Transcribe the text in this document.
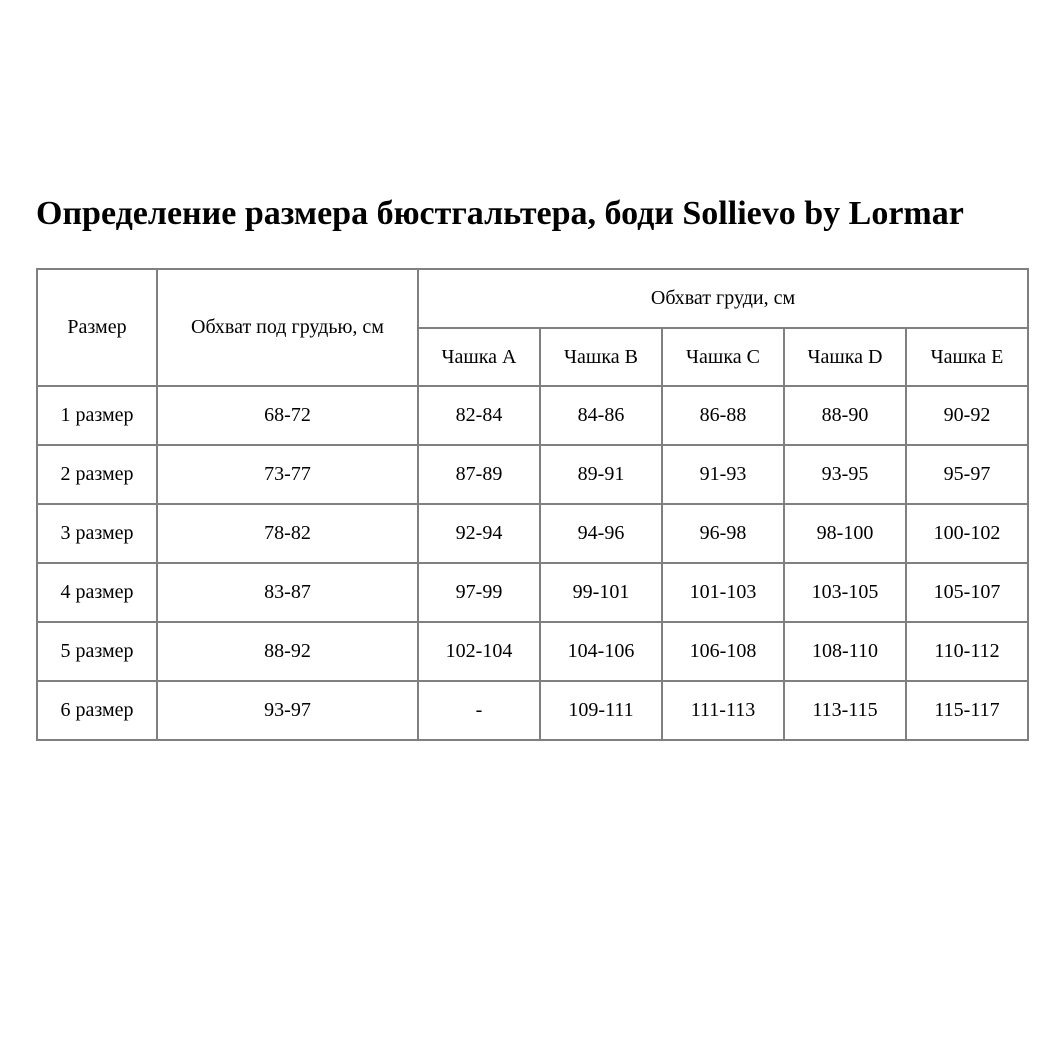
Определение размера бюстгальтера, боди Sollievo by Lormar
Размер	Обхват под грудью, см	Обхват груди, см				
		Чашка A	Чашка B	Чашка C	Чашка D	Чашка E
1 размер	68-72	82-84	84-86	86-88	88-90	90-92
2 размер	73-77	87-89	89-91	91-93	93-95	95-97
3 размер	78-82	92-94	94-96	96-98	98-100	100-102
4 размер	83-87	97-99	99-101	101-103	103-105	105-107
5 размер	88-92	102-104	104-106	106-108	108-110	110-112
6 размер	93-97	-	109-111	111-113	113-115	115-117
